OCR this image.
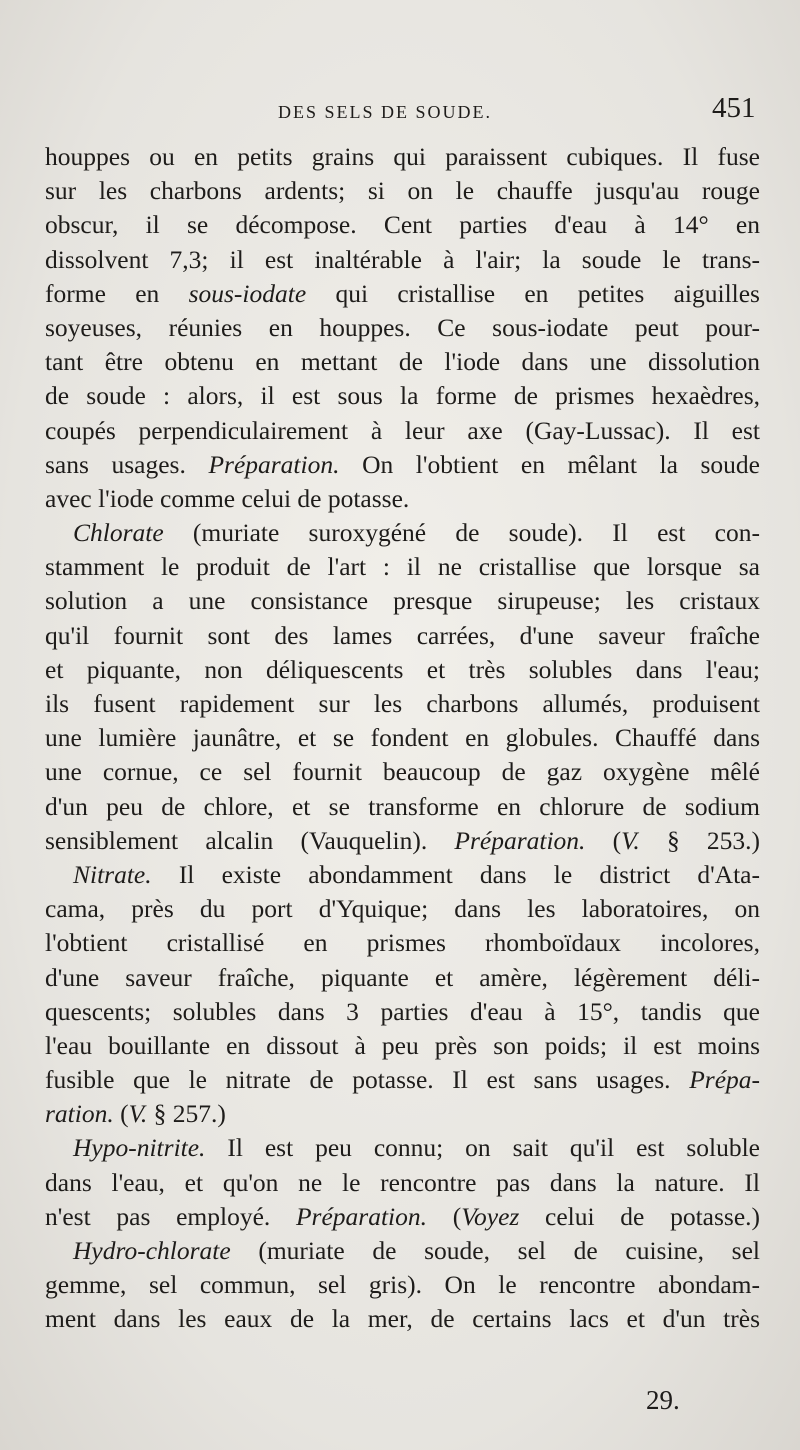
DES SELS DE SOUDE.	451
houppes ou en petits grains qui paraissent cubiques. Il fuse
sur les charbons ardents; si on le chauffe jusqu'au rouge
obscur, il se décompose. Cent parties d'eau à 14° en
dissolvent 7,3; il est inaltérable à l'air; la soude le trans-
forme en sous-iodate qui cristallise en petites aiguilles
soyeuses, réunies en houppes. Ce sous-iodate peut pour-
tant être obtenu en mettant de l'iode dans une dissolution
de soude : alors, il est sous la forme de prismes hexaèdres,
coupés perpendiculairement à leur axe (Gay-Lussac). Il est
sans usages. Préparation. On l'obtient en mêlant la soude
avec l'iode comme celui de potasse.
Chlorate (muriate suroxygéné de soude). Il est con-
stamment le produit de l'art : il ne cristallise que lorsque sa
solution a une consistance presque sirupeuse; les cristaux
qu'il fournit sont des lames carrées, d'une saveur fraîche
et piquante, non déliquescents et très solubles dans l'eau;
ils fusent rapidement sur les charbons allumés, produisent
une lumière jaunâtre, et se fondent en globules. Chauffé dans
une cornue, ce sel fournit beaucoup de gaz oxygène mêlé
d'un peu de chlore, et se transforme en chlorure de sodium
sensiblement alcalin (Vauquelin). Préparation. (V. § 253.)
Nitrate. Il existe abondamment dans le district d'Ata-
cama, près du port d'Yquique; dans les laboratoires, on
l'obtient cristallisé en prismes rhomboïdaux incolores,
d'une saveur fraîche, piquante et amère, légèrement déli-
quescents; solubles dans 3 parties d'eau à 15°, tandis que
l'eau bouillante en dissout à peu près son poids; il est moins
fusible que le nitrate de potasse. Il est sans usages. Prépa-
ration. (V. § 257.)
Hypo-nitrite. Il est peu connu; on sait qu'il est soluble
dans l'eau, et qu'on ne le rencontre pas dans la nature. Il
n'est pas employé. Préparation. (Voyez celui de potasse.)
Hydro-chlorate (muriate de soude, sel de cuisine, sel
gemme, sel commun, sel gris). On le rencontre abondam-
ment dans les eaux de la mer, de certains lacs et d'un très
29.
